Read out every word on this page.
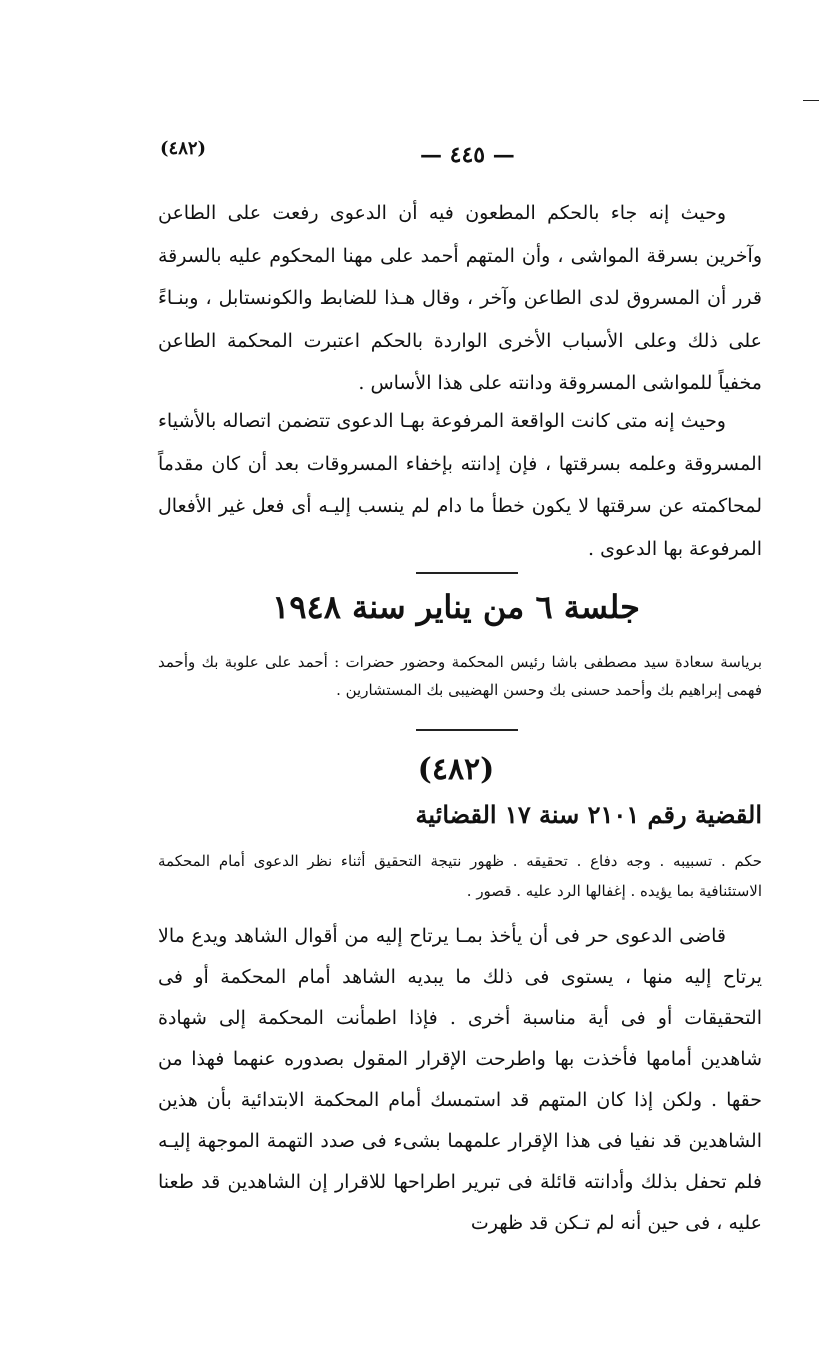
(٤٨٢)	— ٤٤٥ —

وحيث إنه جاء بالحكم المطعون فيه أن الدعوى رفعت على الطاعن وآخرين بسرقة المواشى ، وأن المتهم أحمد على مهنا المحكوم عليه بالسرقة قرر أن المسروق لدى الطاعن وآخر ، وقال هـذا للضابط والكونستابل ، وبنـاءً على ذلك وعلى الأسباب الأخرى الواردة بالحكم اعتبرت المحكمة الطاعن مخفياً للمواشى المسروقة ودانته على هذا الأساس .

وحيث إنه متى كانت الواقعة المرفوعة بهـا الدعوى تتضمن اتصاله بالأشياء المسروقة وعلمه بسرقتها ، فإن إدانته بإخفاء المسروقات بعد أن كان مقدماً لمحاكمته عن سرقتها لا يكون خطأ ما دام لم ينسب إليـه أى فعل غير الأفعال المرفوعة بها الدعوى .

جلسة ٦ من يناير سنة ١٩٤٨
برياسة سعادة سيد مصطفى باشا رئيس المحكمة وحضور حضرات : أحمد على علوبة بك وأحمد فهمى إبراهيم بك وأحمد حسنى بك وحسن الهضيبى بك المستشارين .
(٤٨٢)
القضية رقم ٢١٠١ سنة ١٧ القضائية
حكم . تسبيبه . وجه دفاع . تحقيقه . ظهور نتيجة التحقيق أثناء نظر الدعوى أمام المحكمة الاستئنافية بما يؤيده . إغفالها الرد عليه . قصور .

قاضى الدعوى حر فى أن يأخذ بمـا يرتاح إليه من أقوال الشاهد ويدع مالا يرتاح إليه منها ، يستوى فى ذلك ما يبديه الشاهد أمام المحكمة أو فى التحقيقات أو فى أية مناسبة أخرى . فإذا اطمأنت المحكمة إلى شهادة شاهدين أمامها فأخذت بها واطرحت الإقرار المقول بصدوره عنهما فهذا من حقها . ولكن إذا كان المتهم قد استمسك أمام المحكمة الابتدائية بأن هذين الشاهدين قد نفيا فى هذا الإقرار علمهما بشىء فى صدد التهمة الموجهة إليـه فلم تحفل بذلك وأدانته قائلة فى تبرير اطراحها للاقرار إن الشاهدين قد طعنا عليه ، فى حين أنه لم تـكن قد ظهرت
